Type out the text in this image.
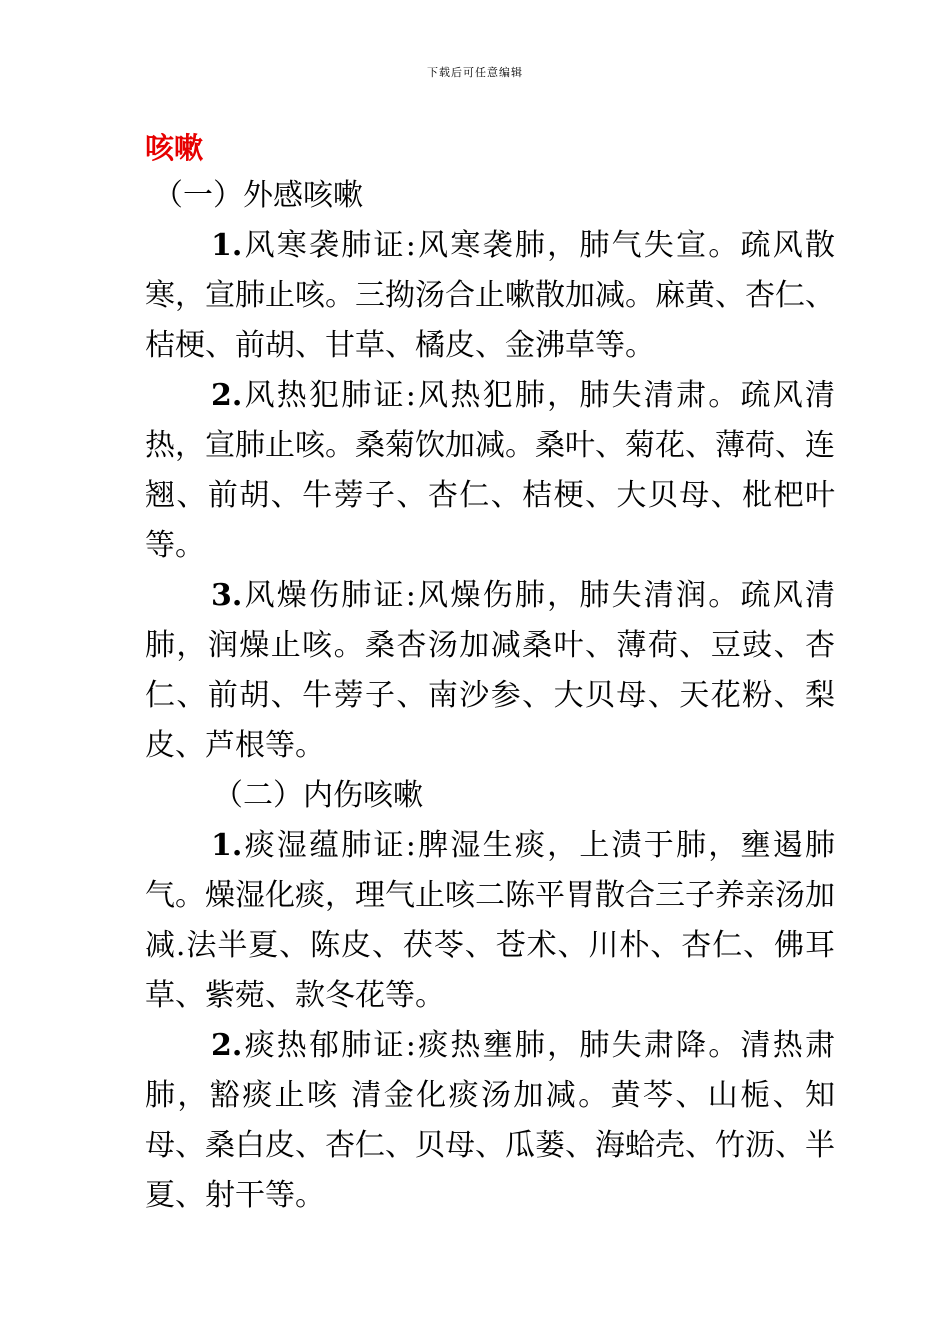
下载后可任意编辑
咳嗽
（一）外感咳嗽

1.风寒袭肺证:风寒袭肺，肺气失宣。疏风散寒，宣肺止咳。三拗汤合止嗽散加减。麻黄、杏仁、桔梗、前胡、甘草、橘皮、金沸草等。

2.风热犯肺证:风热犯肺，肺失清肃。疏风清热，宣肺止咳。桑菊饮加减。桑叶、菊花、薄荷、连翘、前胡、牛蒡子、杏仁、桔梗、大贝母、枇杷叶等。

3.风燥伤肺证:风燥伤肺，肺失清润。疏风清肺，润燥止咳。桑杏汤加减桑叶、薄荷、豆豉、杏仁、前胡、牛蒡子、南沙参、大贝母、天花粉、梨皮、芦根等。

（二）内伤咳嗽

1.痰湿蕴肺证:脾湿生痰，上渍于肺，壅遏肺气。燥湿化痰，理气止咳二陈平胃散合三子养亲汤加减.法半夏、陈皮、茯苓、苍术、川朴、杏仁、佛耳草、紫菀、款冬花等。

2.痰热郁肺证:痰热壅肺，肺失肃降。清热肃肺，豁痰止咳 清金化痰汤加减。黄芩、山栀、知母、桑白皮、杏仁、贝母、瓜蒌、海蛤壳、竹沥、半夏、射干等。
